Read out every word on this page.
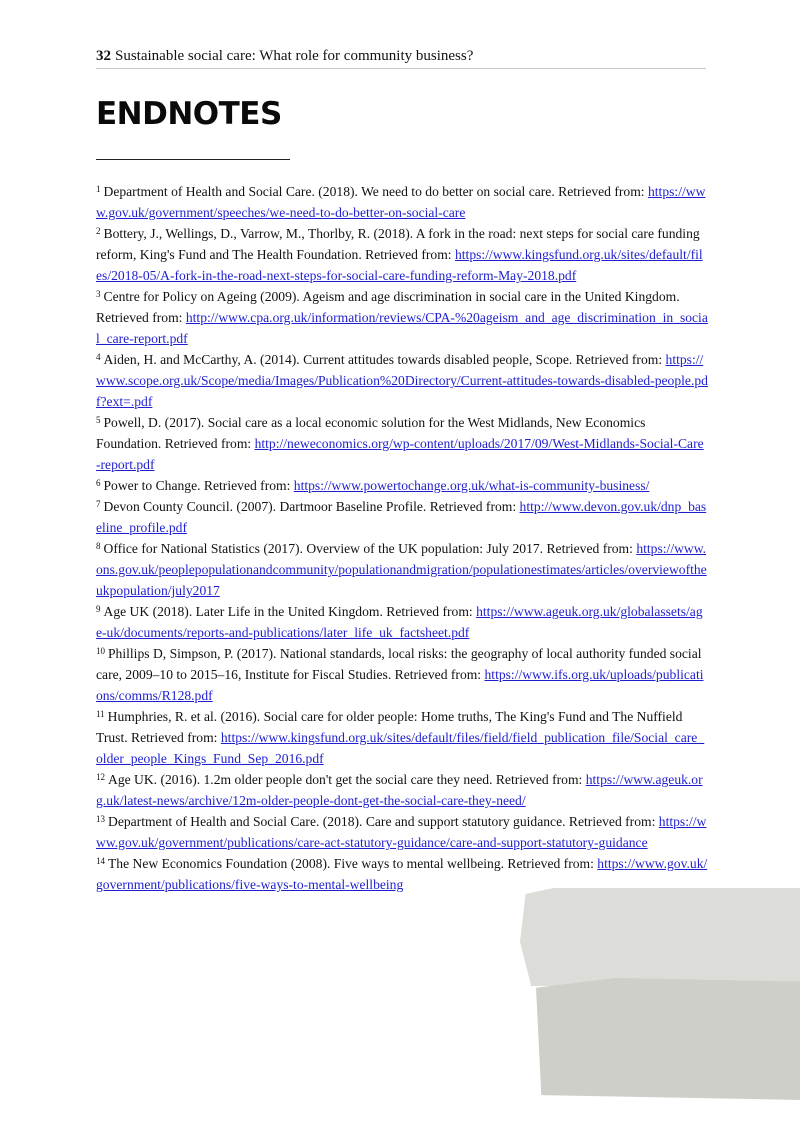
32 Sustainable social care: What role for community business?
ENDNOTES

$^1$ Department of Health and Social Care. (2018). We need to do better on social care. Retrieved from: https://www.gov.uk/government/speeches/we-need-to-do-better-on-social-care

$^2$ Bottery, J., Wellings, D., Varrow, M., Thorlby, R. (2018). A fork in the road: next steps for social care funding reform, King's Fund and The Health Foundation. Retrieved from: https://www.kingsfund.org.uk/sites/default/files/2018-05/A-fork-in-the-road-next-steps-for-social-care-funding-reform-May-2018.pdf

$^3$ Centre for Policy on Ageing (2009). Ageism and age discrimination in social care in the United Kingdom. Retrieved from: http://www.cpa.org.uk/information/reviews/CPA-%20ageism_and_age_discrimination_in_social_care-report.pdf

$^4$ Aiden, H. and McCarthy, A. (2014). Current attitudes towards disabled people, Scope. Retrieved from: https://www.scope.org.uk/Scope/media/Images/Publication%20Directory/Current-attitudes-towards-disabled-people.pdf?ext=.pdf

$^5$ Powell, D. (2017). Social care as a local economic solution for the West Midlands, New Economics Foundation. Retrieved from: http://neweconomics.org/wp-content/uploads/2017/09/West-Midlands-Social-Care-report.pdf

$^6$ Power to Change. Retrieved from: https://www.powertochange.org.uk/what-is-community-business/

$^7$ Devon County Council. (2007). Dartmoor Baseline Profile. Retrieved from: http://www.devon.gov.uk/dnp_baseline_profile.pdf

$^8$ Office for National Statistics (2017). Overview of the UK population: July 2017. Retrieved from: https://www.ons.gov.uk/peoplepopulationandcommunity/populationandmigration/populationestimates/articles/overviewoftheukpopulation/july2017

$^9$ Age UK (2018). Later Life in the United Kingdom. Retrieved from: https://www.ageuk.org.uk/globalassets/age-uk/documents/reports-and-publications/later_life_uk_factsheet.pdf

$^{10}$ Phillips D, Simpson, P. (2017). National standards, local risks: the geography of local authority funded social care, 2009–10 to 2015–16, Institute for Fiscal Studies. Retrieved from: https://www.ifs.org.uk/uploads/publications/comms/R128.pdf

$^{11}$ Humphries, R. et al. (2016). Social care for older people: Home truths, The King's Fund and The Nuffield Trust. Retrieved from: https://www.kingsfund.org.uk/sites/default/files/field/field_publication_file/Social_care_older_people_Kings_Fund_Sep_2016.pdf

$^{12}$ Age UK. (2016). 1.2m older people don't get the social care they need. Retrieved from: https://www.ageuk.org.uk/latest-news/archive/12m-older-people-dont-get-the-social-care-they-need/

$^{13}$ Department of Health and Social Care. (2018). Care and support statutory guidance. Retrieved from: https://www.gov.uk/government/publications/care-act-statutory-guidance/care-and-support-statutory-guidance

$^{14}$ The New Economics Foundation (2008). Five ways to mental wellbeing. Retrieved from: https://www.gov.uk/government/publications/five-ways-to-mental-wellbeing
